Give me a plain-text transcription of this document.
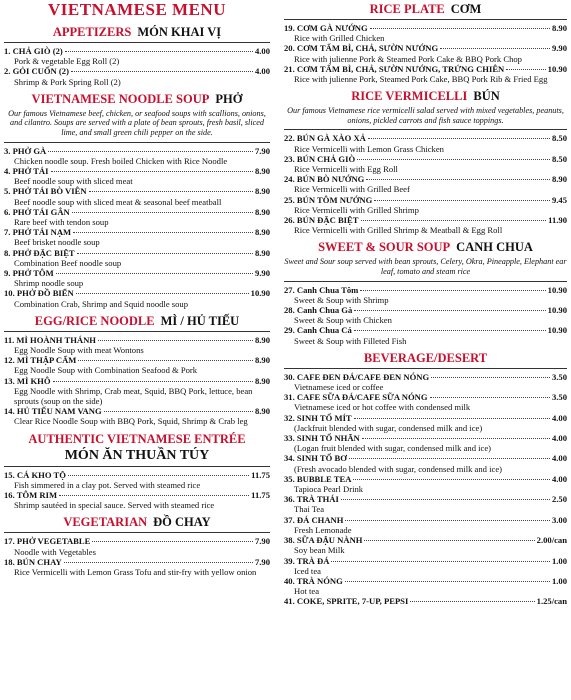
VIETNAMESE MENU
APPETIZERS MÓN KHAI VỊ
1. CHẢ GIÒ (2)	4.00
Pork & vegetable Egg Roll (2)
2. GỎI CUỐN (2)	4.00
Shrimp & Pork Spring Roll (2)
VIETNAMESE NOODLE SOUP PHỞ
Our famous Vietnamese beef, chicken, or seafood soups with scallions, onions, and cilantro. Soups are served with a plate of bean sprouts, fresh basil, sliced lime, and small green chili pepper on the side.
3. PHỞ GÀ	7.90
Chicken noodle soup. Fresh boiled Chicken with Rice Noodle
4. PHỞ TÁI	8.90
Beef noodle soup with sliced meat
5. PHỞ TÁI BÒ VIÊN	8.90
Beef noodle soup with sliced meat & seasonal beef meatball
6. PHỞ TÁI GÂN	8.90
Rare beef with tendon soup
7. PHỞ TÁI NẠM	8.90
Beef brisket noodle soup
8. PHỞ ĐẶC BIỆT	8.90
Combination Beef noodle soup
9. PHỞ TÔM	9.90
Shrimp noodle soup
10. PHỞ ĐỒ BIỂN	10.90
Combination Crab, Shrimp and Squid noodle soup
EGG/RICE NOODLE MÌ / HỦ TIẾU
11. MÌ HOÀNH THÁNH	8.90
Egg Noodle Soup with meat Wontons
12. MÌ THẬP CẨM	8.90
Egg Noodle Soup with Combination Seafood & Pork
13. MÌ KHÔ	8.90
Egg Noodle with Shrimp, Crab meat, Squid, BBQ Pork, lettuce, bean sprouts (soup on the side)
14. HỦ TIẾU NAM VANG	8.90
Clear Rice Noodle Soup with BBQ Pork, Squid, Shrimp & Crab leg
AUTHENTIC VIETNAMESE ENTRÉE
MÓN ĂN THUẦN TÚY
15. CÁ KHO TỘ	11.75
Fish simmered in a clay pot. Served with steamed rice
16. TÔM RIM	11.75
Shrimp sautéed in special sauce. Served with steamed rice
VEGETARIAN ĐỒ CHAY
17. PHỞ VEGETABLE	7.90
Noodle with Vegetables
18. BÚN CHAY	7.90
Rice Vermicelli with Lemon Grass Tofu and stir-fry with yellow onion
RICE PLATE CƠM
19. CƠM GÀ NƯỚNG	8.90
Rice with Grilled Chicken
20. CƠM TẤM BÌ, CHẢ, SƯỜN NƯỚNG	9.90
Rice with julienne Pork & Steamed Pork Cake & BBQ Pork Chop
21. CƠM TẤM BÌ, CHẢ, SƯỜN NƯỚNG, TRỨNG CHIÊN	10.90
Rice with julienne Pork, Steamed Pork Cake, BBQ Pork Rib & Fried Egg
RICE VERMICELLI BÚN
Our famous Vietnamese rice vermicelli salad served with mixed vegetables, peanuts, onions, pickled carrots and fish sauce toppings.
22. BÚN GÀ XÀO XẢ	8.50
Rice Vermicelli with Lemon Grass Chicken
23. BÚN CHẢ GIÒ	8.50
Rice Vermicelli with Egg Roll
24. BÚN BÒ NƯỚNG	8.90
Rice Vermicelli with Grilled Beef
25. BÚN TÔM NƯỚNG	9.45
Rice Vermicelli with Grilled Shrimp
26. BÚN ĐẶC BIỆT	11.90
Rice Vermicelli with Grilled Shrimp & Meatball & Egg Roll
SWEET & SOUR SOUP CANH CHUA
Sweet and Sour soup served with bean sprouts, Celery, Okra, Pineapple, Elephant ear leaf, tomato and steam rice
27. Canh Chua Tôm	10.90
Sweet & Soup with Shrimp
28. Canh Chua Gà	10.90
Sweet & Soup with Chicken
29. Canh Chua Cá	10.90
Sweet & Soup with Filleted Fish
BEVERAGE/DESERT
30. CAFE ĐEN ĐÁ/CAFE ĐEN NÓNG	3.50
Vietnamese iced or coffee
31. CAFE SỮA ĐÁ/CAFE SỮA NÓNG	3.50
Vietnamese iced or hot coffee with condensed milk
32. SINH TỐ MÍT	4.00
(Jackfruit blended with sugar, condensed milk and ice)
33. SINH TỐ NHÃN	4.00
(Logan fruit blended with sugar, condensed milk and ice)
34. SINH TỐ BƠ	4.00
(Fresh avocado blended with sugar, condensed milk and ice)
35. BUBBLE TEA	4.00
Tapioca Pearl Drink
36. TRÀ THÁI	2.50
Thai Tea
37. ĐÁ CHANH	3.00
Fresh Lemonade
38. SỮA ĐẬU NÀNH	2.00/can
Soy bean Milk
39. TRÀ ĐÁ	1.00
Iced tea
40. TRÀ NÓNG	1.00
Hot tea
41. COKE, SPRITE, 7-UP, PEPSI	1.25/can
